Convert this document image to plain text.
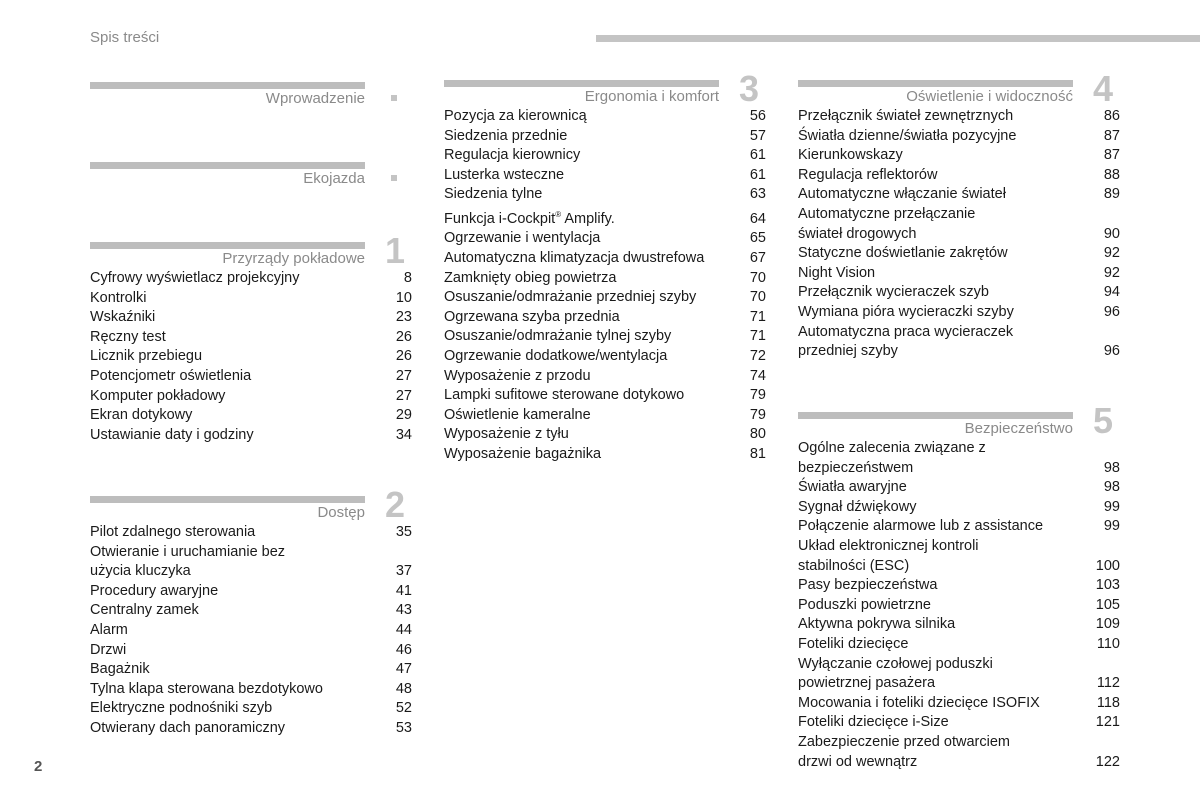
Spis treści
Wprowadzenie
Ekojazda
Przyrządy pokładowe 1
Cyfrowy wyświetlacz projekcyjny	8
Kontrolki	10
Wskaźniki	23
Ręczny test	26
Licznik przebiegu	26
Potencjometr oświetlenia	27
Komputer pokładowy	27
Ekran dotykowy	29
Ustawianie daty i godziny	34
Dostęp 2
Pilot zdalnego sterowania	35
Otwieranie i uruchamianie bez
użycia kluczyka	37
Procedury awaryjne	41
Centralny zamek	43
Alarm	44
Drzwi	46
Bagażnik	47
Tylna klapa sterowana bezdotykowo	48
Elektryczne podnośniki szyb	52
Otwierany dach panoramiczny	53
Ergonomia i komfort 3
Pozycja za kierownicą	56
Siedzenia przednie	57
Regulacja kierownicy	61
Lusterka wsteczne	61
Siedzenia tylne	63
Funkcja i-Cockpit® Amplify.	64
Ogrzewanie i wentylacja	65
Automatyczna klimatyzacja dwustrefowa	67
Zamknięty obieg powietrza	70
Osuszanie/odmrażanie przedniej szyby	70
Ogrzewana szyba przednia	71
Osuszanie/odmrażanie tylnej szyby	71
Ogrzewanie dodatkowe/wentylacja	72
Wyposażenie z przodu	74
Lampki sufitowe sterowane dotykowo	79
Oświetlenie kameralne	79
Wyposażenie z tyłu	80
Wyposażenie bagażnika	81
Oświetlenie i widoczność 4
Przełącznik świateł zewnętrznych	86
Światła dzienne/światła pozycyjne	87
Kierunkowskazy	87
Regulacja reflektorów	88
Automatyczne włączanie świateł	89
Automatyczne przełączanie
świateł drogowych	90
Statyczne doświetlanie zakrętów	92
Night Vision	92
Przełącznik wycieraczek szyb	94
Wymiana pióra wycieraczki szyby	96
Automatyczna praca wycieraczek
przedniej szyby	96
Bezpieczeństwo 5
Ogólne zalecenia związane z
bezpieczeństwem	98
Światła awaryjne	98
Sygnał dźwiękowy	99
Połączenie alarmowe lub z assistance	99
Układ elektronicznej kontroli
stabilności (ESC)	100
Pasy bezpieczeństwa	103
Poduszki powietrzne	105
Aktywna pokrywa silnika	109
Foteliki dziecięce	110
Wyłączanie czołowej poduszki
powietrznej pasażera	112
Mocowania i foteliki dziecięce ISOFIX	118
Foteliki dziecięce i-Size	121
Zabezpieczenie przed otwarciem
drzwi od wewnątrz	122
2
